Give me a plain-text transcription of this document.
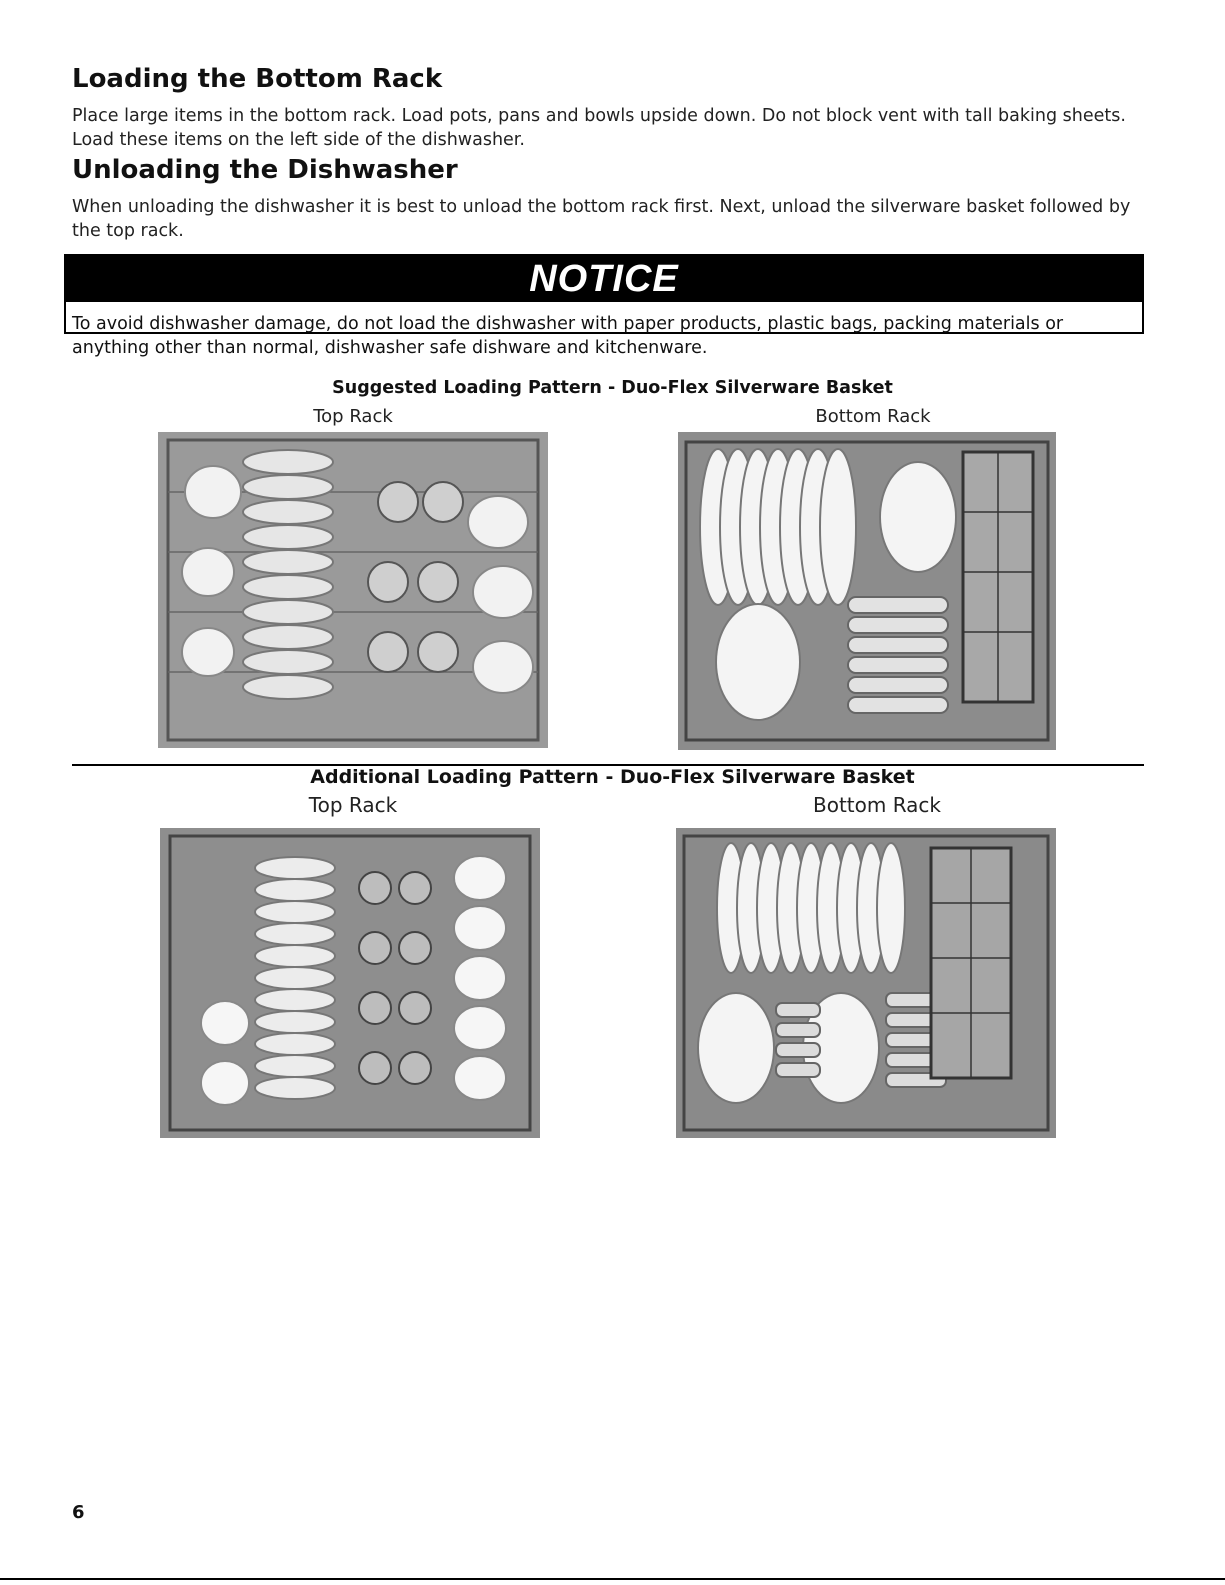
Loading the Bottom Rack

Place large items in the bottom rack. Load pots, pans and bowls upside down. Do not block vent with tall baking sheets. Load these items on the left side of the dishwasher.

Unloading the Dishwasher

When unloading the dishwasher it is best to unload the bottom rack first. Next, unload the silverware basket followed by the top rack.

NOTICE

To avoid dishwasher damage, do not load the dishwasher with paper products, plastic bags, packing materials or anything other than normal, dishwasher safe dishware and kitchenware.

Suggested Loading Pattern - Duo-Flex Silverware Basket

Top Rack	Bottom Rack

Additional Loading Pattern - Duo-Flex Silverware Basket

Top Rack	Bottom Rack

6
